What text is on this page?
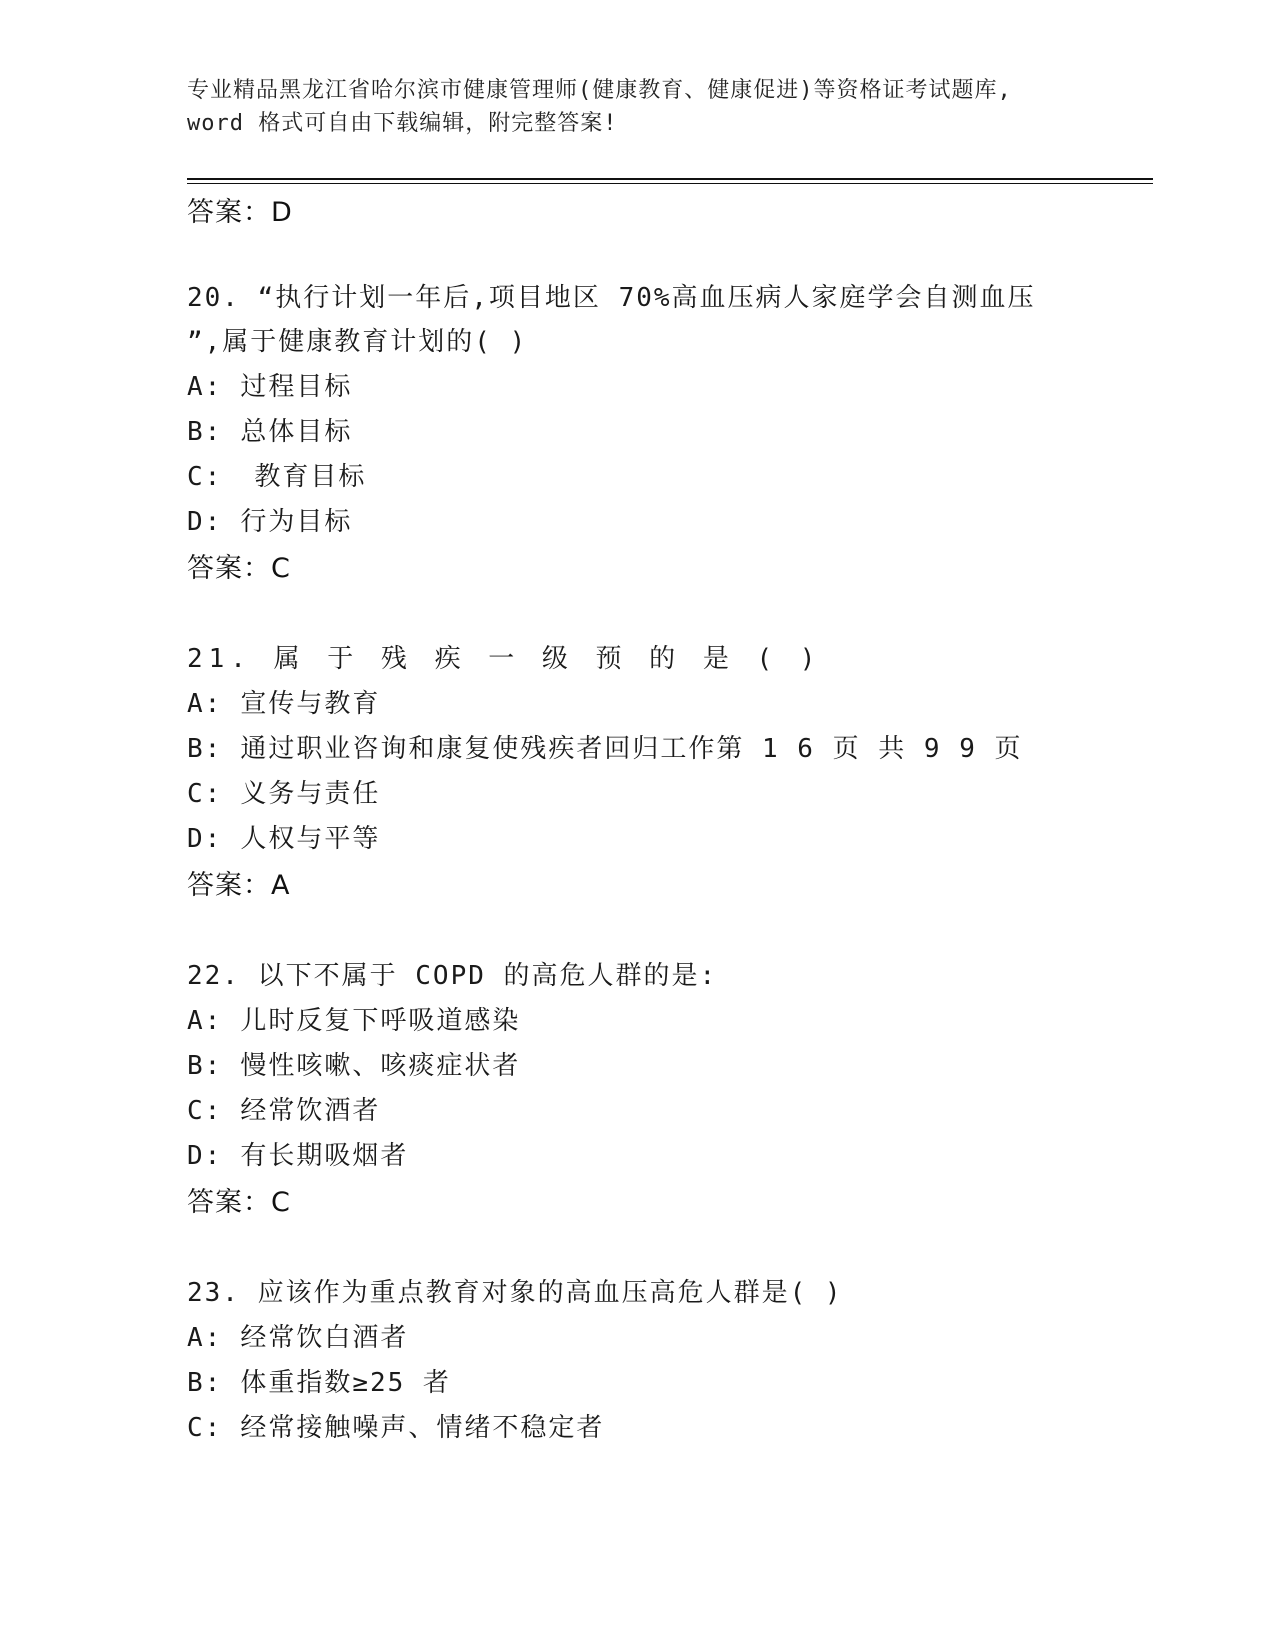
专业精品黑龙江省哈尔滨市健康管理师(健康教育、健康促进)等资格证考试题库,
word 格式可自由下载编辑，附完整答案!
答案：D
20. “执行计划一年后,项目地区 70%高血压病人家庭学会自测血压
”,属于健康教育计划的( )
A: 过程目标
B: 总体目标
C:教育目标
D: 行为目标
答案：C
21. 属 于 残 疾 一 级 预 的 是 ( )
A: 宣传与教育
B: 通过职业咨询和康复使残疾者回归工作第 1 6 页 共 9 9 页
C: 义务与责任
D: 人权与平等
答案：A
22. 以下不属于 COPD 的高危人群的是:
A: 儿时反复下呼吸道感染
B: 慢性咳嗽、咳痰症状者
C: 经常饮酒者
D: 有长期吸烟者
答案：C
23. 应该作为重点教育对象的高血压高危人群是( )
A: 经常饮白酒者
B: 体重指数≥25 者
C: 经常接触噪声、情绪不稳定者
